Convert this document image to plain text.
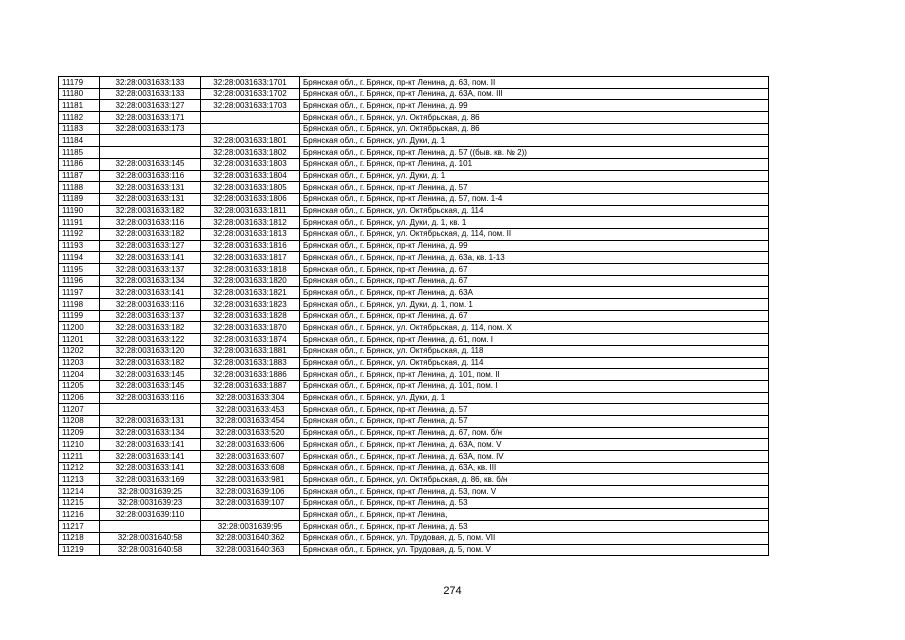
11179	32:28:0031633:133	32:28:0031633:1701	Брянская обл., г. Брянск, пр-кт Ленина, д. 63, пом. II
11180	32:28:0031633:133	32:28:0031633:1702	Брянская обл., г. Брянск, пр-кт Ленина, д. 63А, пом. III
11181	32:28:0031633:127	32:28:0031633:1703	Брянская обл., г. Брянск, пр-кт Ленина, д. 99
11182	32:28:0031633:171		Брянская обл., г. Брянск, ул. Октябрьская, д. 86
11183	32:28:0031633:173		Брянская обл., г. Брянск, ул. Октябрьская, д. 86
11184		32:28:0031633:1801	Брянская обл., г. Брянск, ул. Дуки, д. 1
11185		32:28:0031633:1802	Брянская обл., г. Брянск, пр-кт Ленина, д. 57 ((быв. кв. № 2))
11186	32:28:0031633:145	32:28:0031633:1803	Брянская обл., г. Брянск, пр-кт Ленина, д. 101
11187	32:28:0031633:116	32:28:0031633:1804	Брянская обл., г. Брянск, ул. Дуки, д. 1
11188	32:28:0031633:131	32:28:0031633:1805	Брянская обл., г. Брянск, пр-кт Ленина, д. 57
11189	32:28:0031633:131	32:28:0031633:1806	Брянская обл., г. Брянск, пр-кт Ленина, д. 57, пом. 1-4
11190	32:28:0031633:182	32:28:0031633:1811	Брянская обл., г. Брянск, ул. Октябрьская, д. 114
11191	32:28:0031633:116	32:28:0031633:1812	Брянская обл., г. Брянск, ул. Дуки, д. 1, кв. 1
11192	32:28:0031633:182	32:28:0031633:1813	Брянская обл., г. Брянск, ул. Октябрьская, д. 114, пом. II
11193	32:28:0031633:127	32:28:0031633:1816	Брянская обл., г. Брянск, пр-кт Ленина, д. 99
11194	32:28:0031633:141	32:28:0031633:1817	Брянская обл., г. Брянск, пр-кт Ленина, д. 63а, кв. 1-13
11195	32:28:0031633:137	32:28:0031633:1818	Брянская обл., г. Брянск, пр-кт Ленина, д. 67
11196	32:28:0031633:134	32:28:0031633:1820	Брянская обл., г. Брянск, пр-кт Ленина, д. 67
11197	32:28:0031633:141	32:28:0031633:1821	Брянская обл., г. Брянск, пр-кт Ленина, д. 63А
11198	32:28:0031633:116	32:28:0031633:1823	Брянская обл., г. Брянск, ул. Дуки, д. 1, пом. 1
11199	32:28:0031633:137	32:28:0031633:1828	Брянская обл., г. Брянск, пр-кт Ленина, д. 67
11200	32:28:0031633:182	32:28:0031633:1870	Брянская обл., г. Брянск, ул. Октябрьская, д. 114, пом. X
11201	32:28:0031633:122	32:28:0031633:1874	Брянская обл., г. Брянск, пр-кт Ленина, д. 61, пом. I
11202	32:28:0031633:120	32:28:0031633:1881	Брянская обл., г. Брянск, ул. Октябрьская, д. 118
11203	32:28:0031633:182	32:28:0031633:1883	Брянская обл., г. Брянск, ул. Октябрьская, д. 114
11204	32:28:0031633:145	32:28:0031633:1886	Брянская обл., г. Брянск, пр-кт Ленина, д. 101, пом. II
11205	32:28:0031633:145	32:28:0031633:1887	Брянская обл., г. Брянск, пр-кт Ленина, д. 101, пом. I
11206	32:28:0031633:116	32:28:0031633:304	Брянская обл., г. Брянск, ул. Дуки, д. 1
11207		32:28:0031633:453	Брянская обл., г. Брянск, пр-кт Ленина, д. 57
11208	32:28:0031633:131	32:28:0031633:454	Брянская обл., г. Брянск, пр-кт Ленина, д. 57
11209	32:28:0031633:134	32:28:0031633:520	Брянская обл., г. Брянск, пр-кт Ленина, д. 67, пом. б/н
11210	32:28:0031633:141	32:28:0031633:606	Брянская обл., г. Брянск, пр-кт Ленина, д. 63А, пом. V
11211	32:28:0031633:141	32:28:0031633:607	Брянская обл., г. Брянск, пр-кт Ленина, д. 63А, пом. IV
11212	32:28:0031633:141	32:28:0031633:608	Брянская обл., г. Брянск, пр-кт Ленина, д. 63А, кв. III
11213	32:28:0031633:169	32:28:0031633:981	Брянская обл., г. Брянск, ул. Октябрьская, д. 86, кв. б/н
11214	32:28:0031639:25	32:28:0031639:106	Брянская обл., г. Брянск, пр-кт Ленина, д. 53, пом. V
11215	32:28:0031639:23	32:28:0031639:107	Брянская обл., г. Брянск, пр-кт Ленина, д. 53
11216	32:28:0031639:110		Брянская обл., г. Брянск, пр-кт Ленина,
11217		32:28:0031639:95	Брянская обл., г. Брянск, пр-кт Ленина, д. 53
11218	32:28:0031640:58	32:28:0031640:362	Брянская обл., г. Брянск, ул. Трудовая, д. 5, пом. VII
11219	32:28:0031640:58	32:28:0031640:363	Брянская обл., г. Брянск, ул. Трудовая, д. 5, пом. V
274
